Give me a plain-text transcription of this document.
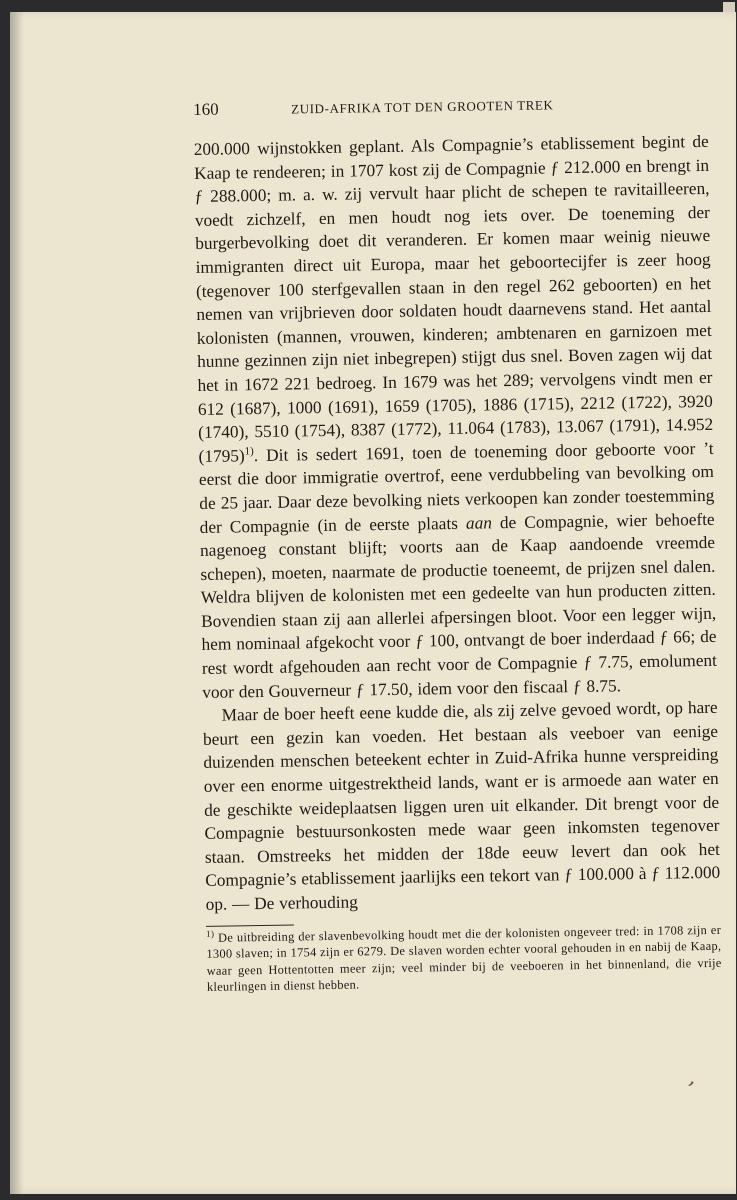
160	ZUID-AFRIKA TOT DEN GROOTEN TREK

200.000 wijnstokken geplant. Als Compagnie’s etablissement begint de Kaap te rendeeren; in 1707 kost zij de Compagnie ƒ 212.000 en brengt in ƒ 288.000; m. a. w. zij vervult haar plicht de schepen te ravitailleeren, voedt zichzelf, en men houdt nog iets over. De toeneming der burgerbevolking doet dit veranderen. Er komen maar weinig nieuwe immigranten direct uit Europa, maar het geboortecijfer is zeer hoog (tegenover 100 sterfgevallen staan in den regel 262 geboorten) en het nemen van vrijbrieven door soldaten houdt daarnevens stand. Het aantal kolonisten (mannen, vrouwen, kinderen; ambtenaren en garnizoen met hunne gezinnen zijn niet inbegrepen) stijgt dus snel. Boven zagen wij dat het in 1672 221 bedroeg. In 1679 was het 289; vervolgens vindt men er 612 (1687), 1000 (1691), 1659 (1705), 1886 (1715), 2212 (1722), 3920 (1740), 5510 (1754), 8387 (1772), 11.064 (1783), 13.067 (1791), 14.952 (1795)$^{1)}$. Dit is sedert 1691, toen de toeneming door geboorte voor ’t eerst die door immigratie overtrof, eene verdubbeling van bevolking om de 25 jaar. Daar deze bevolking niets verkoopen kan zonder toestemming der Compagnie (in de eerste plaats aan de Compagnie, wier behoefte nagenoeg constant blijft; voorts aan de Kaap aandoende vreemde schepen), moeten, naarmate de productie toeneemt, de prijzen snel dalen. Weldra blijven de kolonisten met een gedeelte van hun producten zitten. Bovendien staan zij aan allerlei afpersingen bloot. Voor een legger wijn, hem nominaal afgekocht voor ƒ 100, ontvangt de boer inderdaad ƒ 66; de rest wordt afgehouden aan recht voor de Compagnie ƒ 7.75, emolument voor den Gouverneur ƒ 17.50, idem voor den fiscaal ƒ 8.75.

Maar de boer heeft eene kudde die, als zij zelve gevoed wordt, op hare beurt een gezin kan voeden. Het bestaan als veeboer van eenige duizenden menschen beteekent echter in Zuid-Afrika hunne verspreiding over een enorme uitgestrektheid lands, want er is armoede aan water en de geschikte weideplaatsen liggen uren uit elkander. Dit brengt voor de Compagnie bestuursonkosten mede waar geen inkomsten tegenover staan. Omstreeks het midden der 18de eeuw levert dan ook het Compagnie’s etablissement jaarlijks een tekort van ƒ 100.000 à ƒ 112.000 op. — De verhouding

$^{1)}$ De uitbreiding der slavenbevolking houdt met die der kolonisten ongeveer tred: in 1708 zijn er 1300 slaven; in 1754 zijn er 6279. De slaven worden echter vooral gehouden in en nabij de Kaap, waar geen Hottentotten meer zijn; veel minder bij de veeboeren in het binnenland, die vrije kleurlingen in dienst hebben.
‚
